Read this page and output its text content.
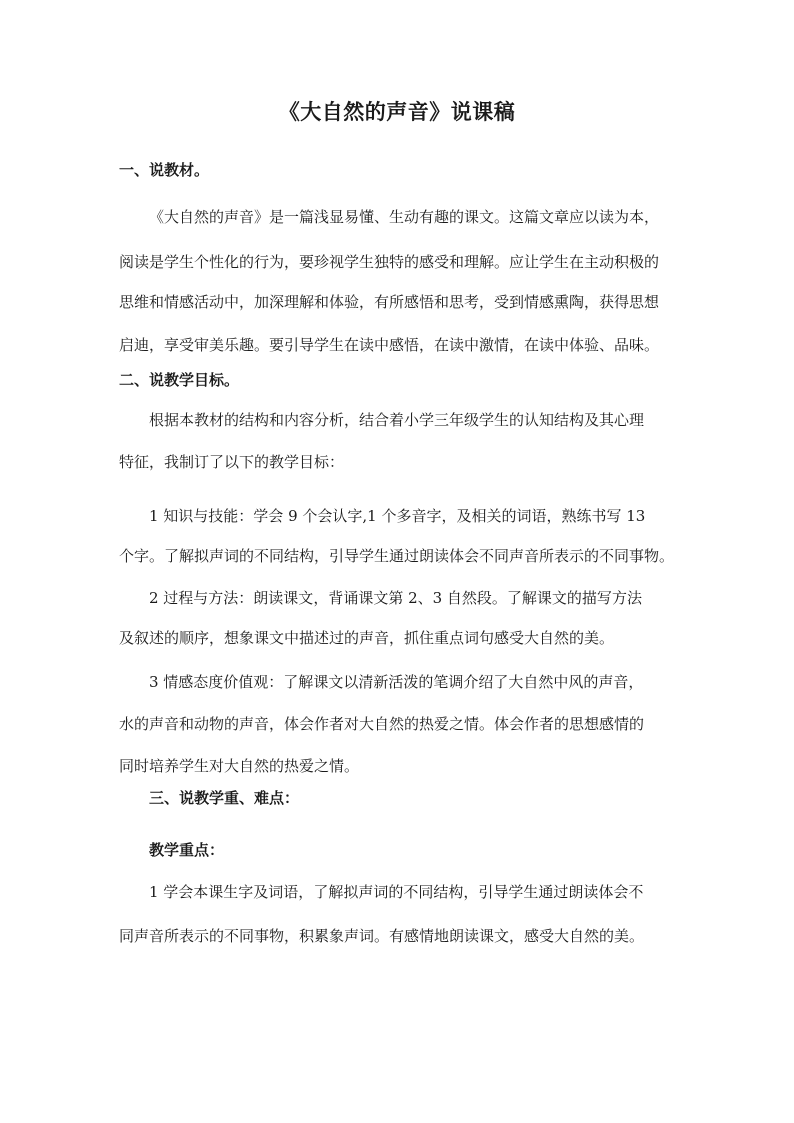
《大自然的声音》说课稿
一、说教材。
《大自然的声音》是一篇浅显易懂、生动有趣的课文。这篇文章应以读为本，
阅读是学生个性化的行为，要珍视学生独特的感受和理解。应让学生在主动积极的
思维和情感活动中，加深理解和体验，有所感悟和思考，受到情感熏陶，获得思想
启迪，享受审美乐趣。要引导学生在读中感悟，在读中激情，在读中体验、品味。
二、说教学目标。
根据本教材的结构和内容分析，结合着小学三年级学生的认知结构及其心理
特征，我制订了以下的教学目标：
1 知识与技能：学会 9 个会认字,1 个多音字，及相关的词语，熟练书写 13
个字。了解拟声词的不同结构，引导学生通过朗读体会不同声音所表示的不同事物。
2 过程与方法：朗读课文，背诵课文第 2、3 自然段。了解课文的描写方法
及叙述的顺序，想象课文中描述过的声音，抓住重点词句感受大自然的美。
3 情感态度价值观：了解课文以清新活泼的笔调介绍了大自然中风的声音，
水的声音和动物的声音，体会作者对大自然的热爱之情。体会作者的思想感情的
同时培养学生对大自然的热爱之情。
三、说教学重、难点：
教学重点：
1 学会本课生字及词语，了解拟声词的不同结构，引导学生通过朗读体会不
同声音所表示的不同事物，积累象声词。有感情地朗读课文，感受大自然的美。
